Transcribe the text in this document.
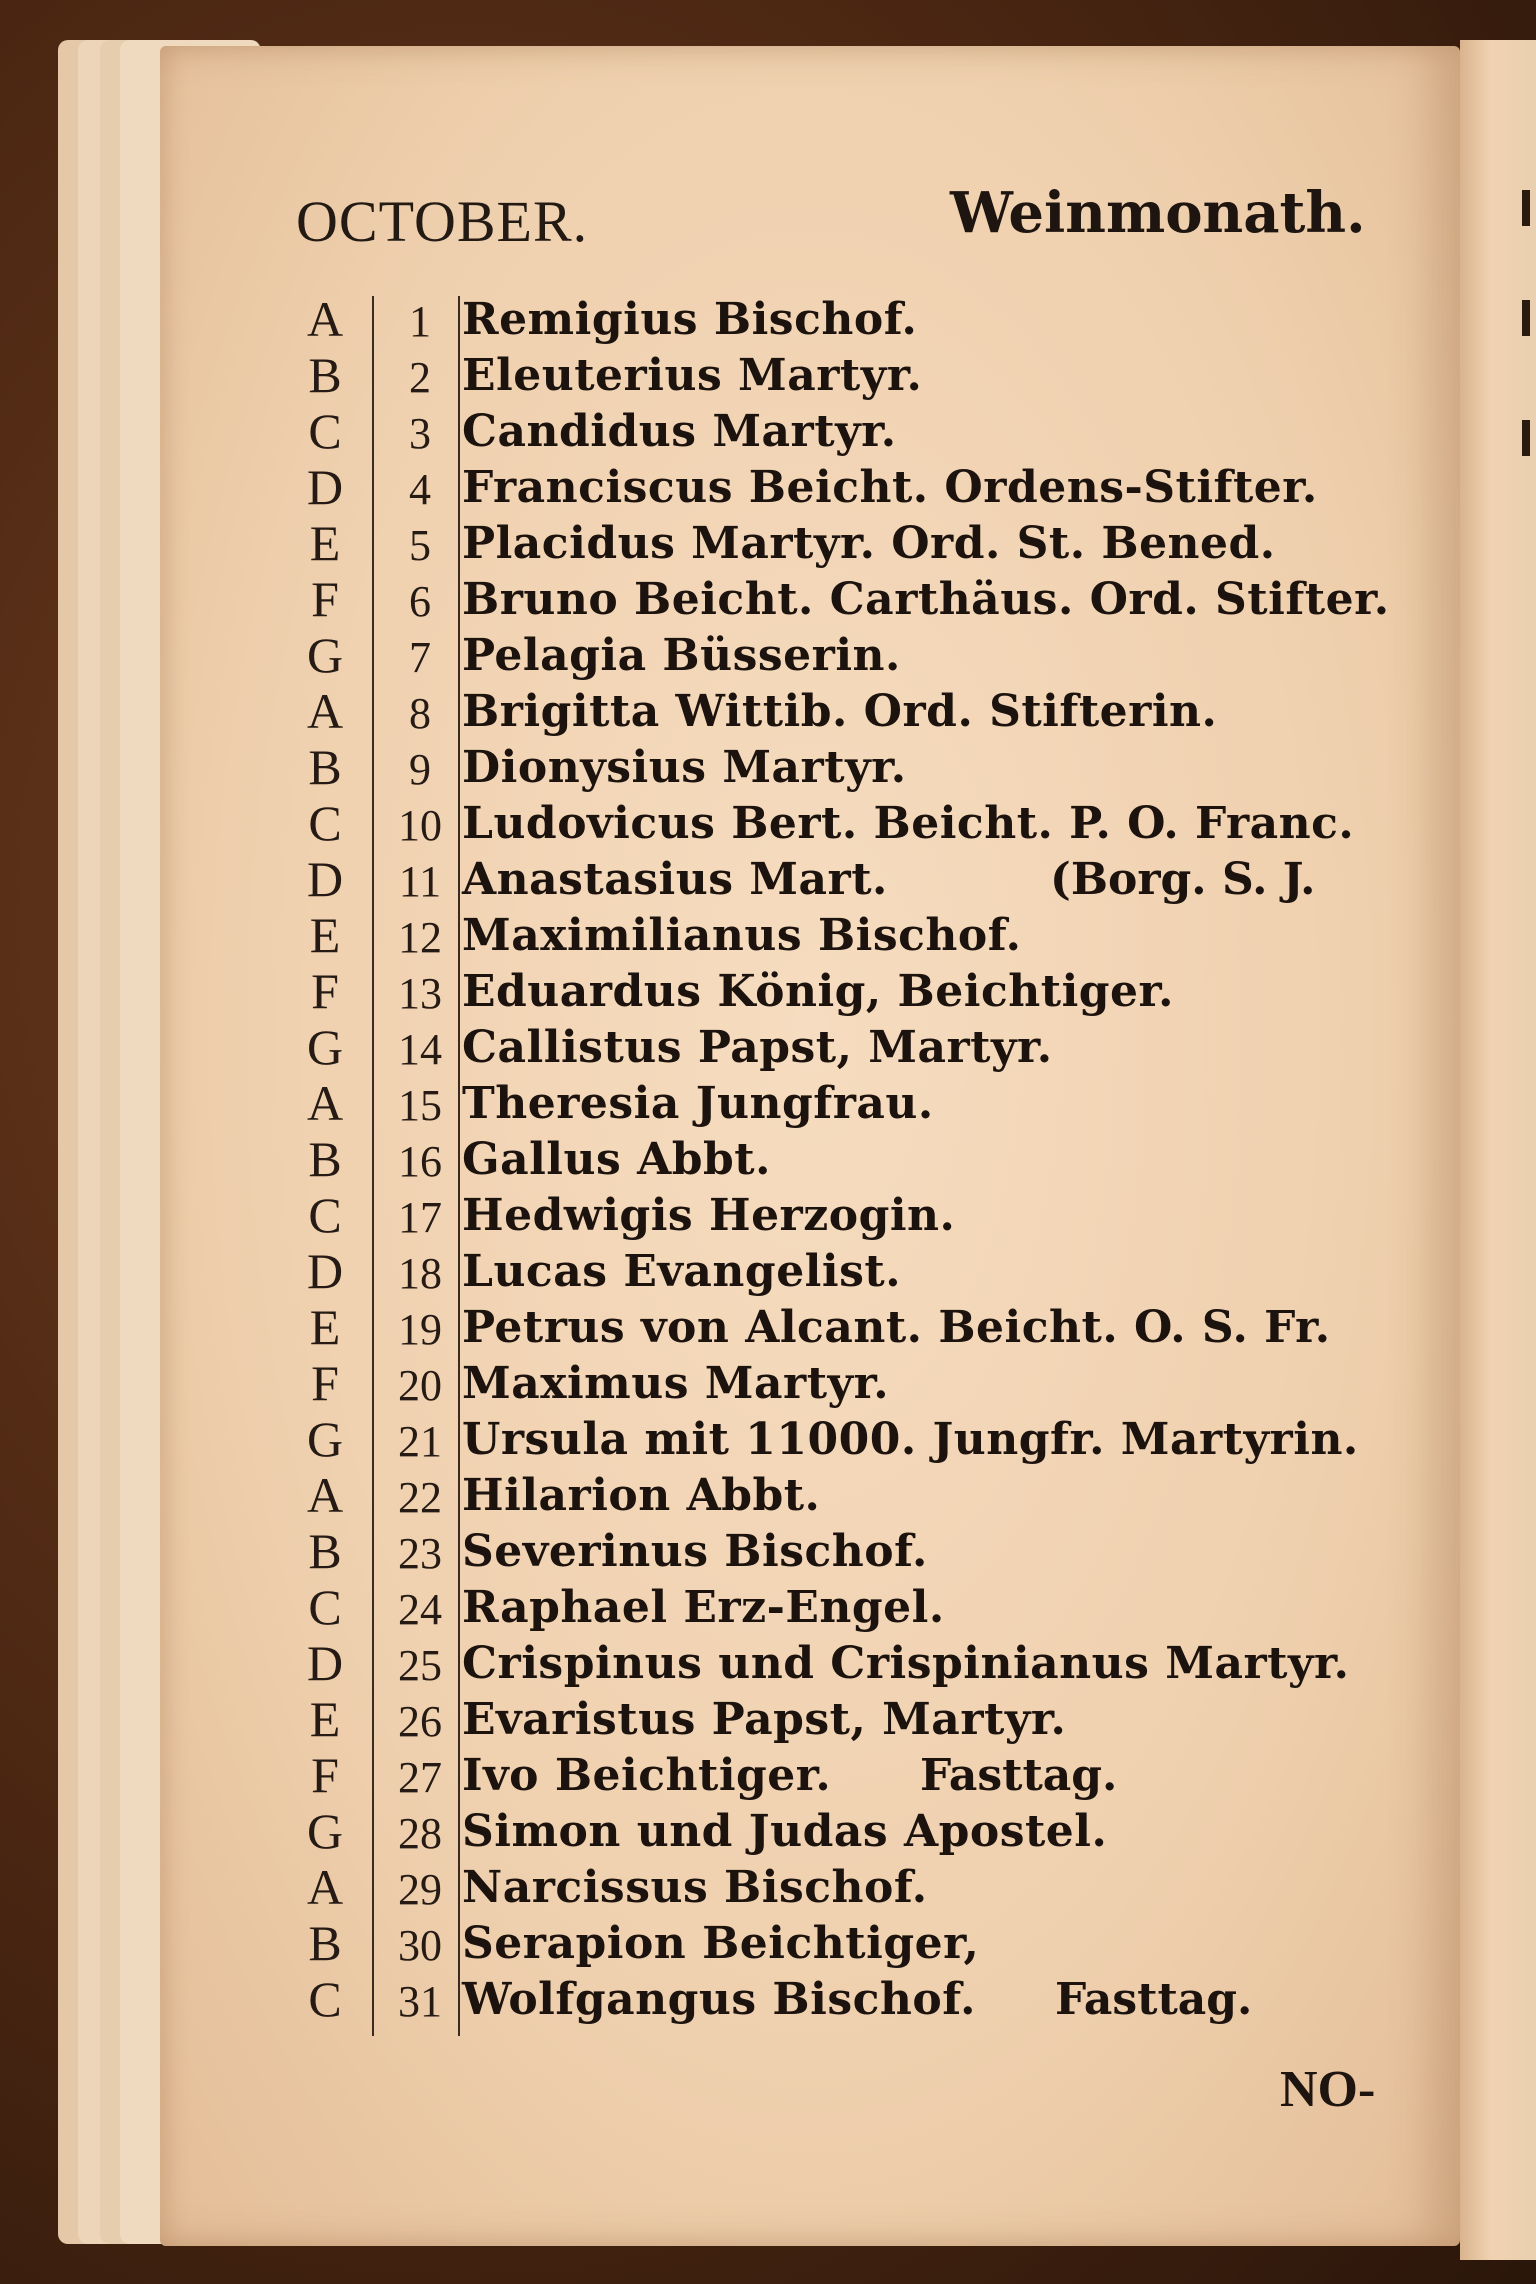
OCTOBER.	Weinmonath.
A	1 Remigius Bischof.
B	2 Eleuterius Martyr.
C	3 Candidus Martyr.
D	4 Franciscus Beicht. Ordens-Stifter.
E	5 Placidus Martyr. Ord. St. Bened.
F	6 Bruno Beicht. Carthäus. Ord. Stifter.
G	7 Pelagia Büsserin.
A	8 Brigitta Wittib. Ord. Stifterin.
B	9 Dionysius Martyr.
C 10 Ludovicus Bert. Beicht. P. O. Franc.
D	11 Anastasius Mart.	(Borg. S. J.
E 12 Maximilianus Bischof.
F 13 Eduardus König, Beichtiger.
G 14 Callistus Papst, Martyr.
A 15 Theresia Jungfrau.
B 16 Gallus Abbt.
C 17 Hedwigis Herzogin.
D 18 Lucas Evangelist.
E 19 Petrus von Alcant. Beicht. O. S. Fr.
F 20 Maximus Martyr.
G 21 Ursula mit 11000. Jungfr. Martyrin.
A 22 Hilarion Abbt.
B 23 Severinus Bischof.
C 24 Raphael Erz-Engel.
D 25 Crispinus und Crispinianus Martyr.
E 26 Evaristus Papst, Martyr.
F 27 Ivo Beichtiger. Fasttag.
G 28 Simon und Judas Apostel.
A 29 Narcissus Bischof.
B 30 Serapion Beichtiger,
C 31 Wolfgangus Bischof. Fasttag.
NO-
